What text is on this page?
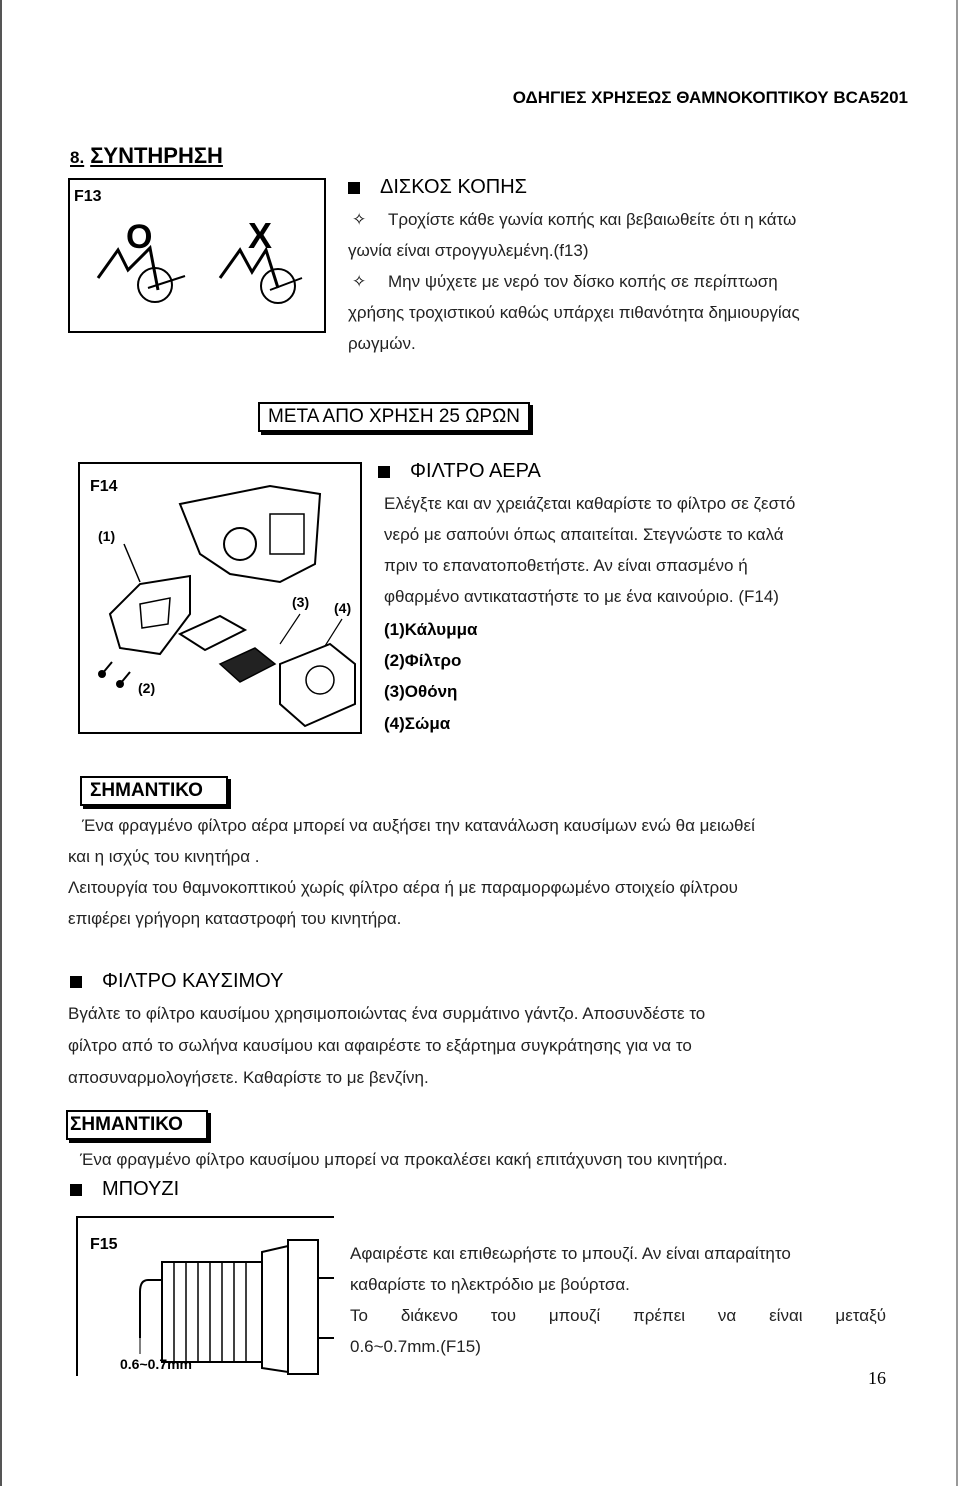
ΟΔΗΓΙΕΣ ΧΡΗΣΕΩΣ ΘΑΜΝΟΚΟΠΤΙΚΟΥ BCA5201
8. ΣΥΝΤΗΡΗΣΗ
F13
O	X
ΔΙΣΚΟΣ ΚΟΠΗΣ
✧ Τροχίστε κάθε γωνία κοπής και βεβαιωθείτε ότι η κάτω
γωνία είναι στρογγυλεμένη.(f13)
✧ Μην ψύχετε με νερό τον δίσκο κοπής σε περίπτωση
χρήσης τροχιστικού καθώς υπάρχει πιθανότητα δημιουργίας
ρωγμών.
ΜΕΤΑ ΑΠΟ ΧΡΗΣΗ 25 ΩΡΩΝ
F14
(1)
(2)
(3) (4)
ΦΙΛΤΡΟ ΑΕΡΑ
Ελέγξτε και αν χρειάζεται καθαρίστε το φίλτρο σε ζεστό
νερό με σαπούνι όπως απαιτείται. Στεγνώστε το καλά
πριν το επανατοποθετήστε. Αν είναι σπασμένο ή
φθαρμένο αντικαταστήστε το με ένα καινούριο. (F14)
(1)Κάλυμμα
(2)Φίλτρο
(3)Οθόνη
(4)Σώμα
ΣΗΜΑΝΤΙΚΟ
Ένα φραγμένο φίλτρο αέρα μπορεί να αυξήσει την κατανάλωση καυσίμων ενώ θα μειωθεί
και η ισχύς του κινητήρα .
Λειτουργία του θαμνοκοπτικού χωρίς φίλτρο αέρα ή με παραμορφωμένο στοιχείο φίλτρου
επιφέρει γρήγορη καταστροφή του κινητήρα.
ΦΙΛΤΡΟ ΚΑΥΣΙΜΟΥ
Βγάλτε το φίλτρο καυσίμου χρησιμοποιώντας ένα συρμάτινο γάντζο. Αποσυνδέστε το
φίλτρο από το σωλήνα καυσίμου και αφαιρέστε το εξάρτημα συγκράτησης για να το
αποσυναρμολογήσετε. Καθαρίστε το με βενζίνη.
ΣΗΜΑΝΤΙΚΟ
Ένα φραγμένο φίλτρο καυσίμου μπορεί να προκαλέσει κακή επιτάχυνση του κινητήρα.
ΜΠΟΥΖΙ
F15
0.6~0.7mm
Αφαιρέστε και επιθεωρήστε το μπουζί. Αν είναι απαραίτητο
καθαρίστε το ηλεκτρόδιο με βούρτσα.
Το διάκενο του μπουζί πρέπει να είναι μεταξύ
0.6~0.7mm.(F15)
16
